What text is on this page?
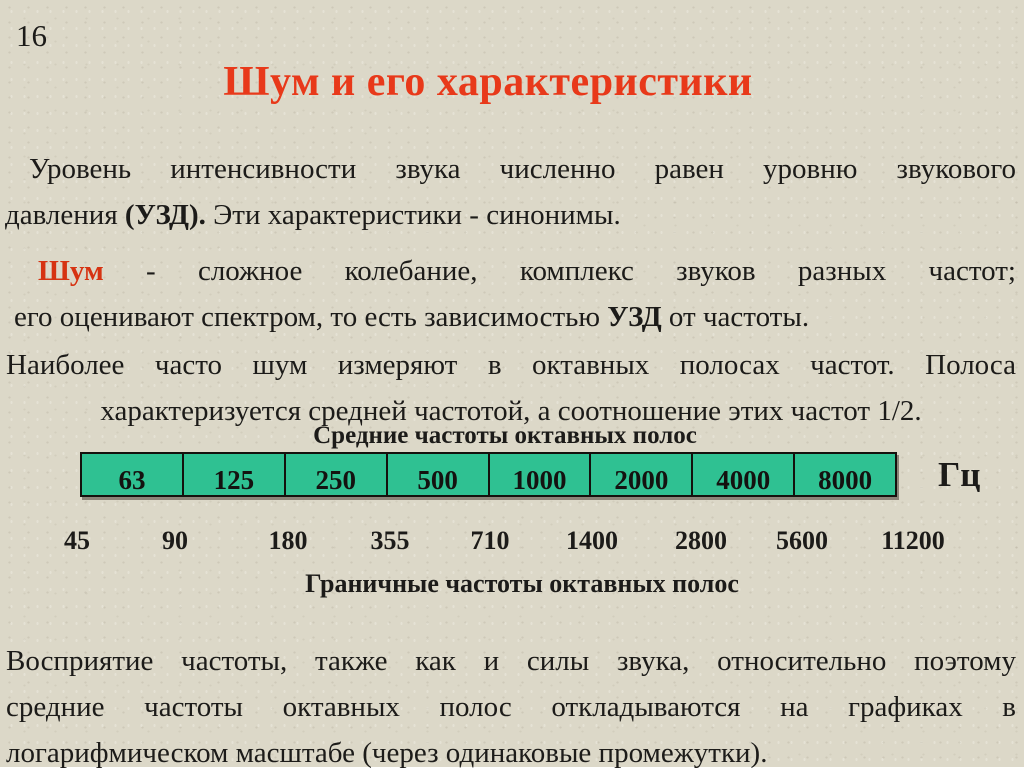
16
Шум и его характеристики
Уровень интенсивности звука численно равен уровню звукового
давления (УЗД). Эти характеристики - синонимы.
Шум - сложное колебание, комплекс звуков разных частот;
его оценивают спектром, то есть зависимостью УЗД от частоты.
Наиболее часто шум измеряют в октавных полосах частот. Полоса
характеризуется средней частотой, а соотношение этих частот 1/2.
Средние частоты октавных полос
63	125	250	500	1000	2000	4000	8000	Гц
45	90	180 355 710 1400 2800 5600 11200
Граничные частоты октавных полос
Восприятие частоты, также как и силы звука, относительно поэтому
средние частоты октавных полос откладываются на графиках в
логарифмическом масштабе (через одинаковые промежутки).
